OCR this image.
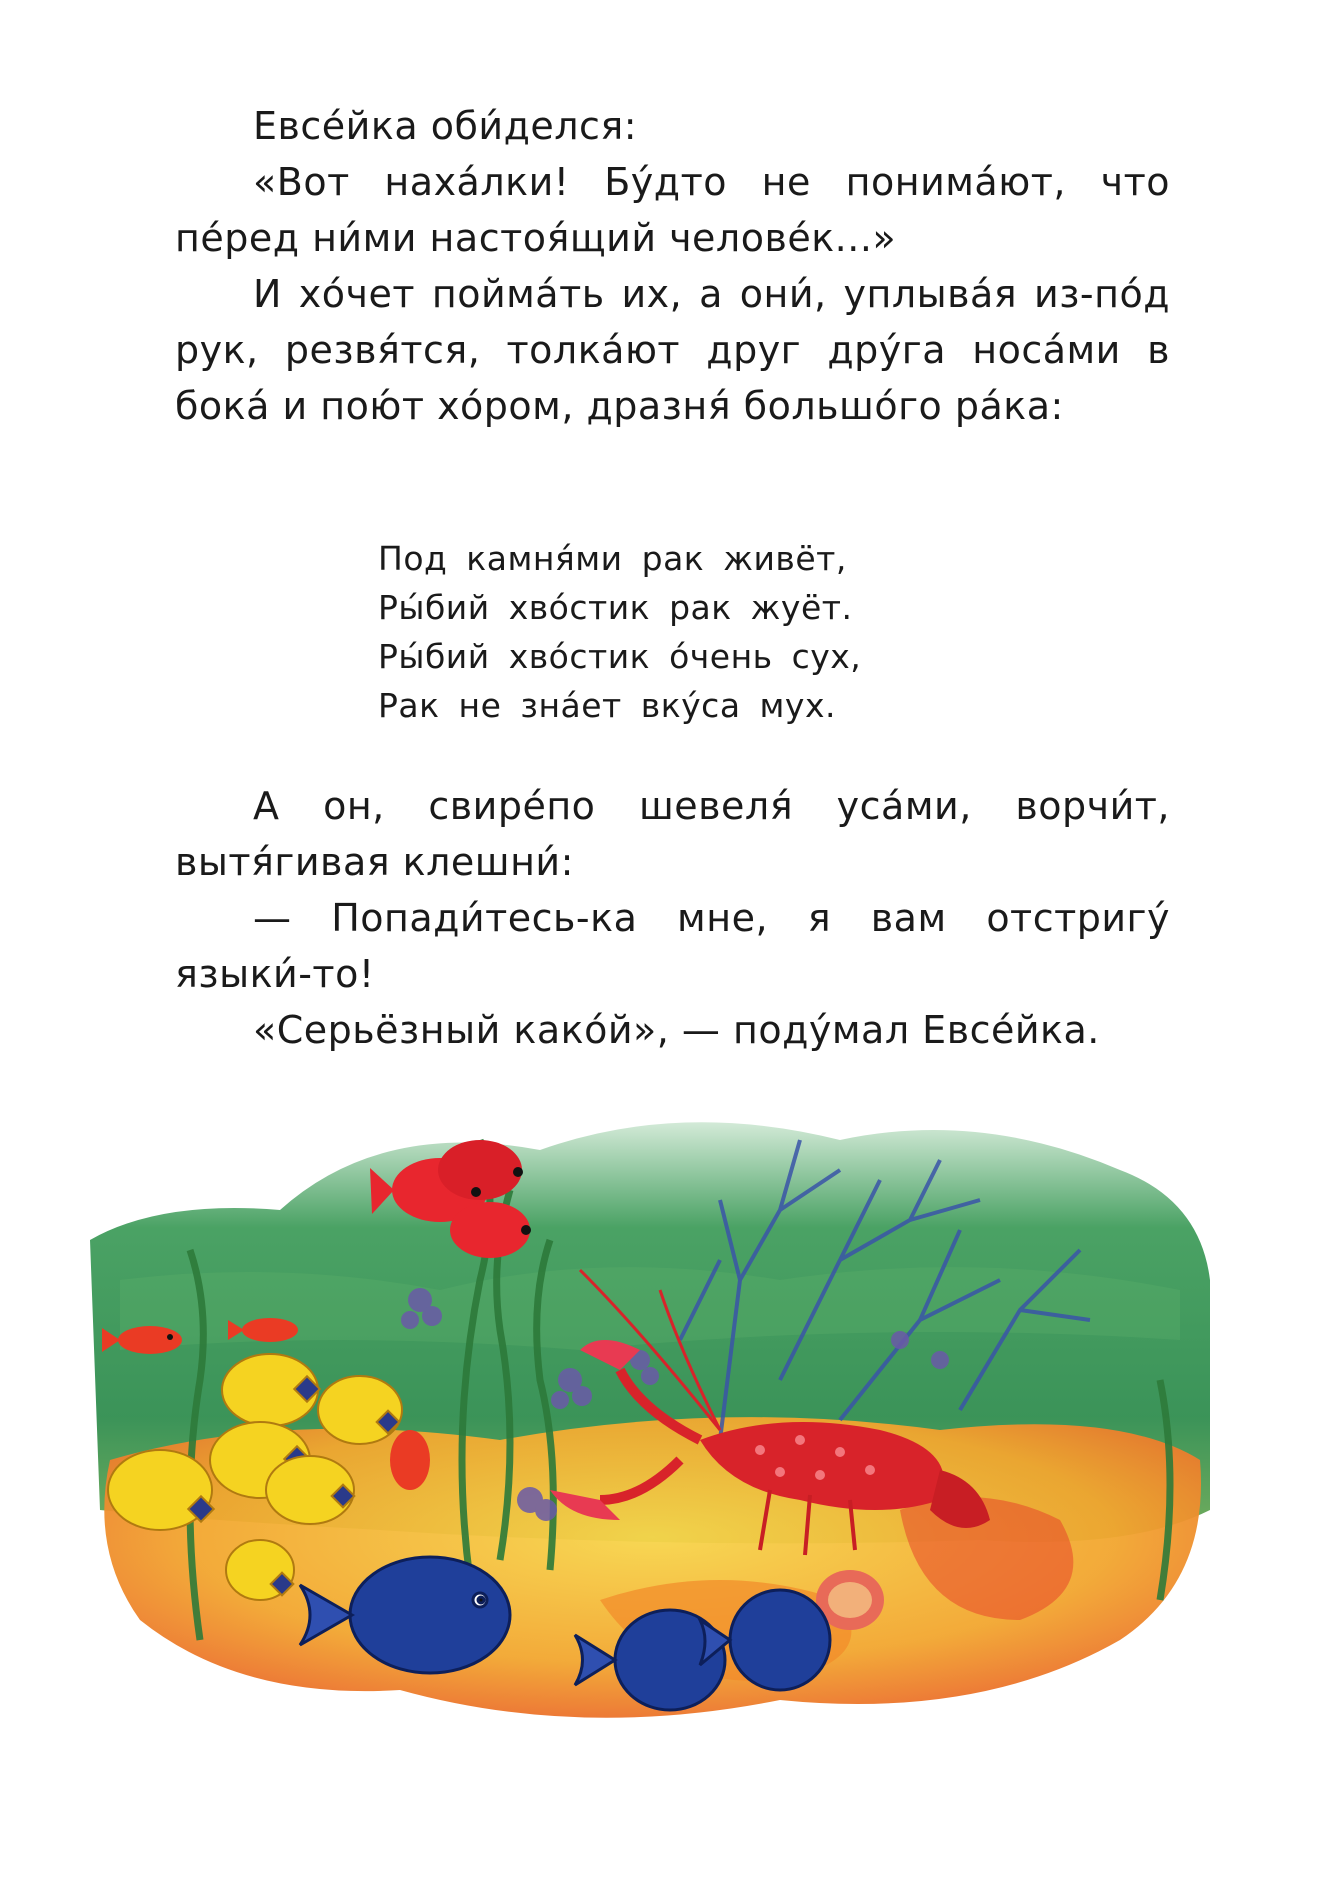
Евсе́йка оби́делся:

«Вот наха́лки! Бу́дто не понима́ют, что пе́ред ни́ми настоя́щий челове́к...»

И хо́чет пойма́ть их, а они́, уплыва́я из-по́д рук, резвя́тся, толка́ют друг дру́га носа́ми в бока́ и пою́т хо́ром, дразня́ большо́го ра́ка:

Под камня́ми рак живёт,
Ры́бий хво́стик рак жуёт.
Ры́бий хво́стик о́чень сух,
Рак не зна́ет вку́са мух.

А он, свире́по шевеля́ уса́ми, ворчи́т, вытя́гивая клешни́:

— Попади́тесь-ка мне, я вам отстригу́ языки́-то!

«Серьёзный како́й», — поду́мал Евсе́йка.
